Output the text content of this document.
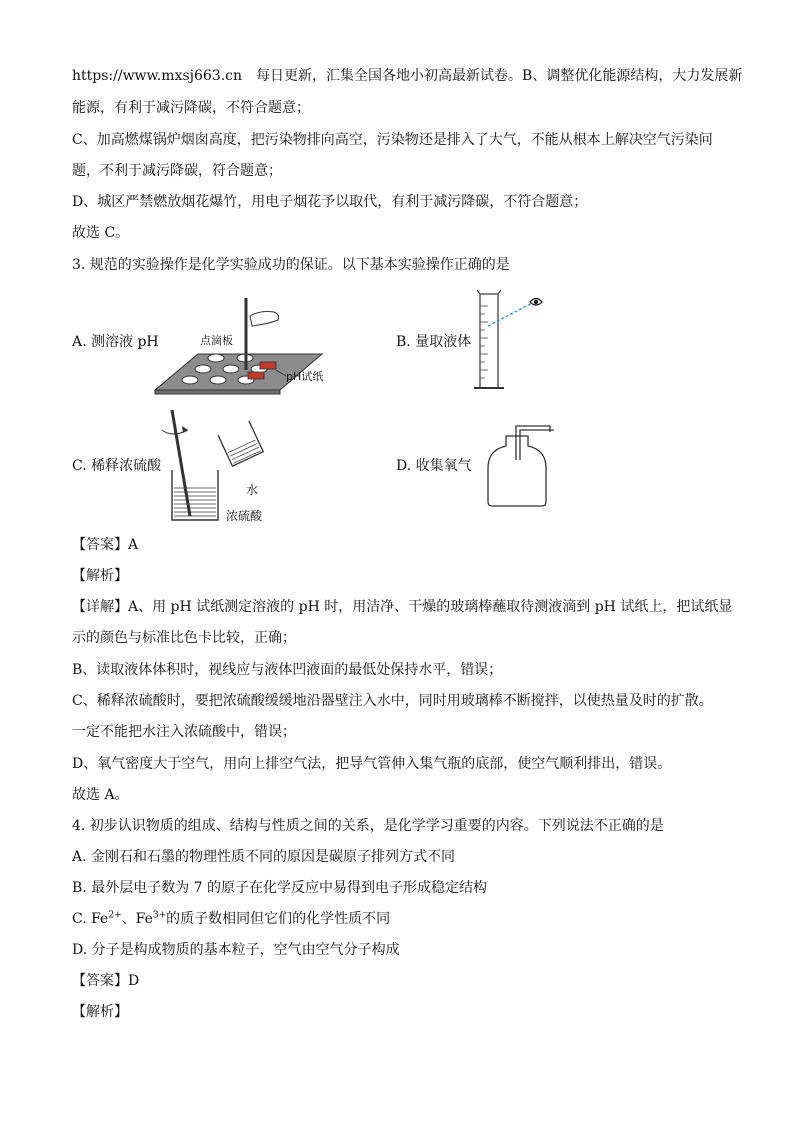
https://www.mxsj663.cn　每日更新，汇集全国各地小初高最新试卷。B、调整优化能源结构，大力发展新
能源，有利于减污降碳，不符合题意；
C、加高燃煤锅炉烟囱高度，把污染物排向高空，污染物还是排入了大气，不能从根本上解决空气污染问
题，不利于减污降碳，符合题意；
D、城区严禁燃放烟花爆竹，用电子烟花予以取代，有利于减污降碳，不符合题意；
故选 C。
3. 规范的实验操作是化学实验成功的保证。以下基本实验操作正确的是
A. 测溶液 pH	点滴板
pH试纸
B. 量取液体
C. 稀释浓硫酸
水
浓硫酸
D. 收集氧气
【答案】A
【解析】
【详解】A、用 pH 试纸测定溶液的 pH 时，用洁净、干燥的玻璃棒蘸取待测液滴到 pH 试纸上，把试纸显
示的颜色与标准比色卡比较，正确；
B、读取液体体积时，视线应与液体凹液面的最低处保持水平，错误；
C、稀释浓硫酸时，要把浓硫酸缓缓地沿器壁注入水中，同时用玻璃棒不断搅拌，以使热量及时的扩散。
一定不能把水注入浓硫酸中，错误；
D、氧气密度大于空气，用向上排空气法，把导气管伸入集气瓶的底部，使空气顺利排出，错误。
故选 A。
4. 初步认识物质的组成、结构与性质之间的关系，是化学学习重要的内容。下列说法不正确的是
A. 金刚石和石墨的物理性质不同的原因是碳原子排列方式不同
B. 最外层电子数为 7 的原子在化学反应中易得到电子形成稳定结构
C. $Fe^{2+}$、$Fe^{3+}$的质子数相同但它们的化学性质不同
D. 分子是构成物质的基本粒子，空气由空气分子构成
【答案】D
【解析】
